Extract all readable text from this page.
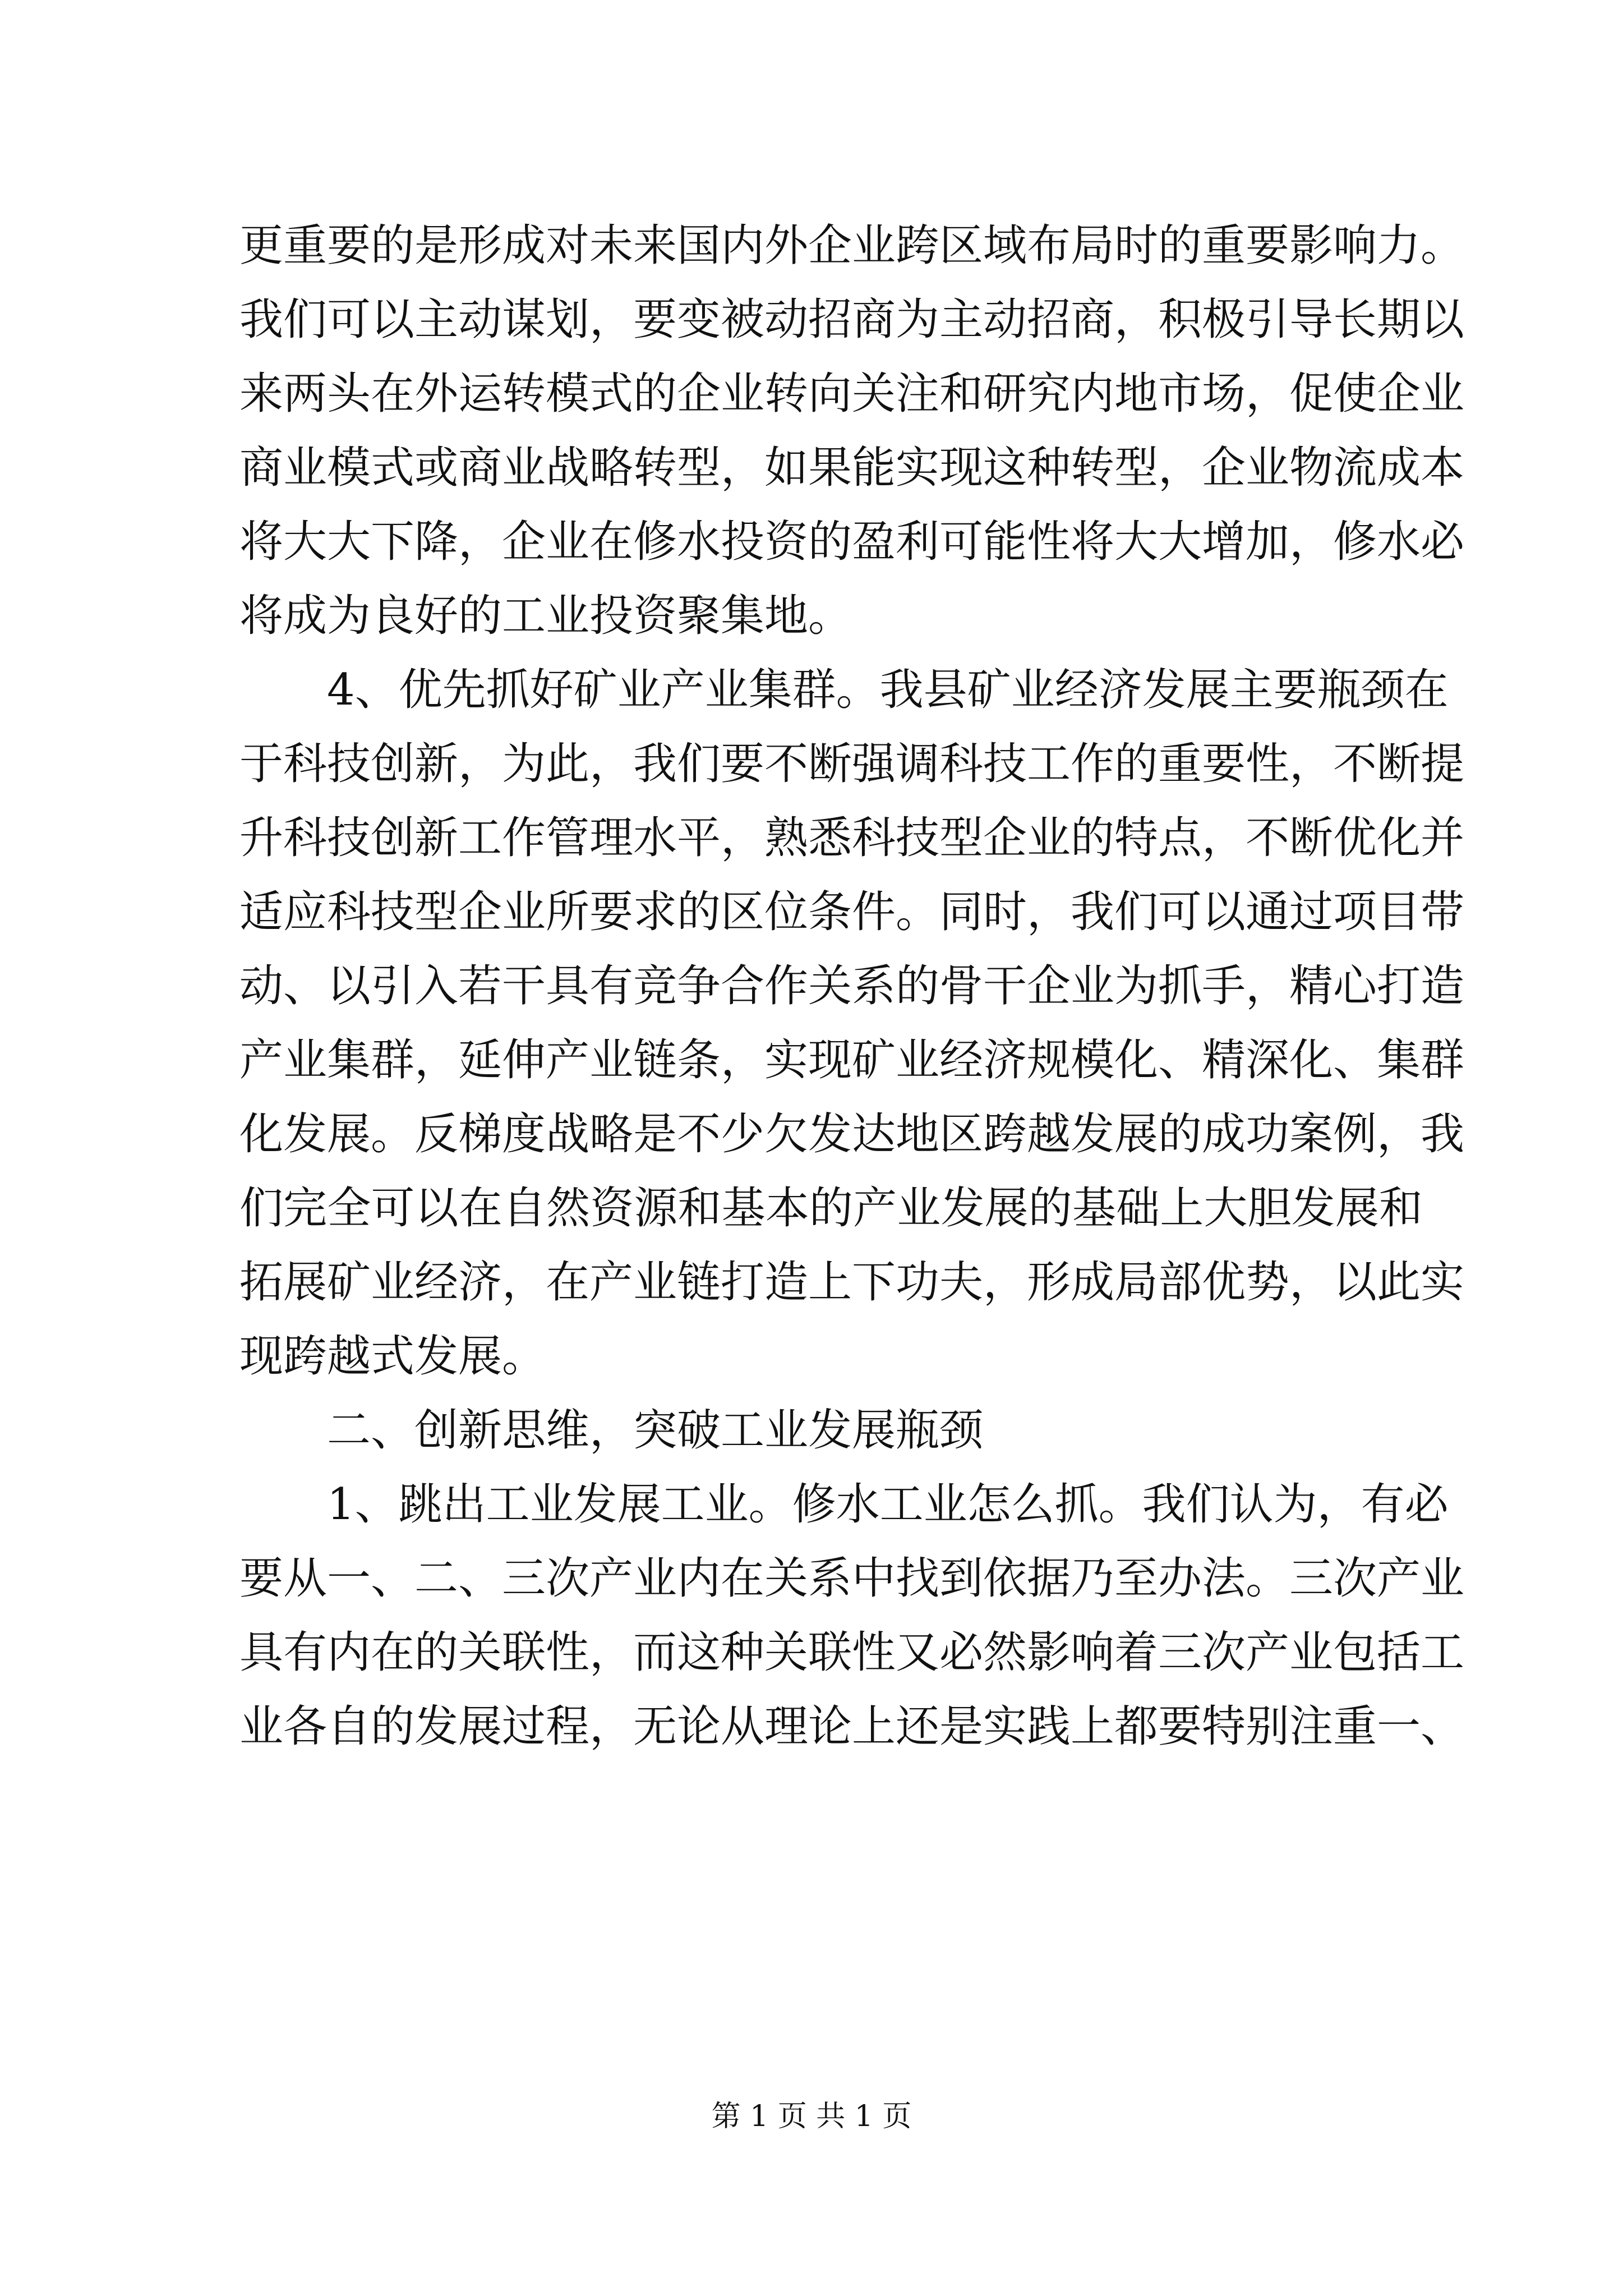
更重要的是形成对未来国内外企业跨区域布局时的重要影响力。
我们可以主动谋划，要变被动招商为主动招商，积极引导长期以
来两头在外运转模式的企业转向关注和研究内地市场，促使企业
商业模式或商业战略转型，如果能实现这种转型，企业物流成本
将大大下降，企业在修水投资的盈利可能性将大大增加，修水必
将成为良好的工业投资聚集地。
4、优先抓好矿业产业集群。我县矿业经济发展主要瓶颈在
于科技创新，为此，我们要不断强调科技工作的重要性，不断提
升科技创新工作管理水平，熟悉科技型企业的特点，不断优化并
适应科技型企业所要求的区位条件。同时，我们可以通过项目带
动、以引入若干具有竞争合作关系的骨干企业为抓手，精心打造
产业集群，延伸产业链条，实现矿业经济规模化、精深化、集群
化发展。反梯度战略是不少欠发达地区跨越发展的成功案例，我
们完全可以在自然资源和基本的产业发展的基础上大胆发展和
拓展矿业经济，在产业链打造上下功夫，形成局部优势，以此实
现跨越式发展。
二、创新思维，突破工业发展瓶颈
1、跳出工业发展工业。修水工业怎么抓。我们认为，有必
要从一、二、三次产业内在关系中找到依据乃至办法。三次产业
具有内在的关联性，而这种关联性又必然影响着三次产业包括工
业各自的发展过程，无论从理论上还是实践上都要特别注重一、
第 1 页 共 1 页
